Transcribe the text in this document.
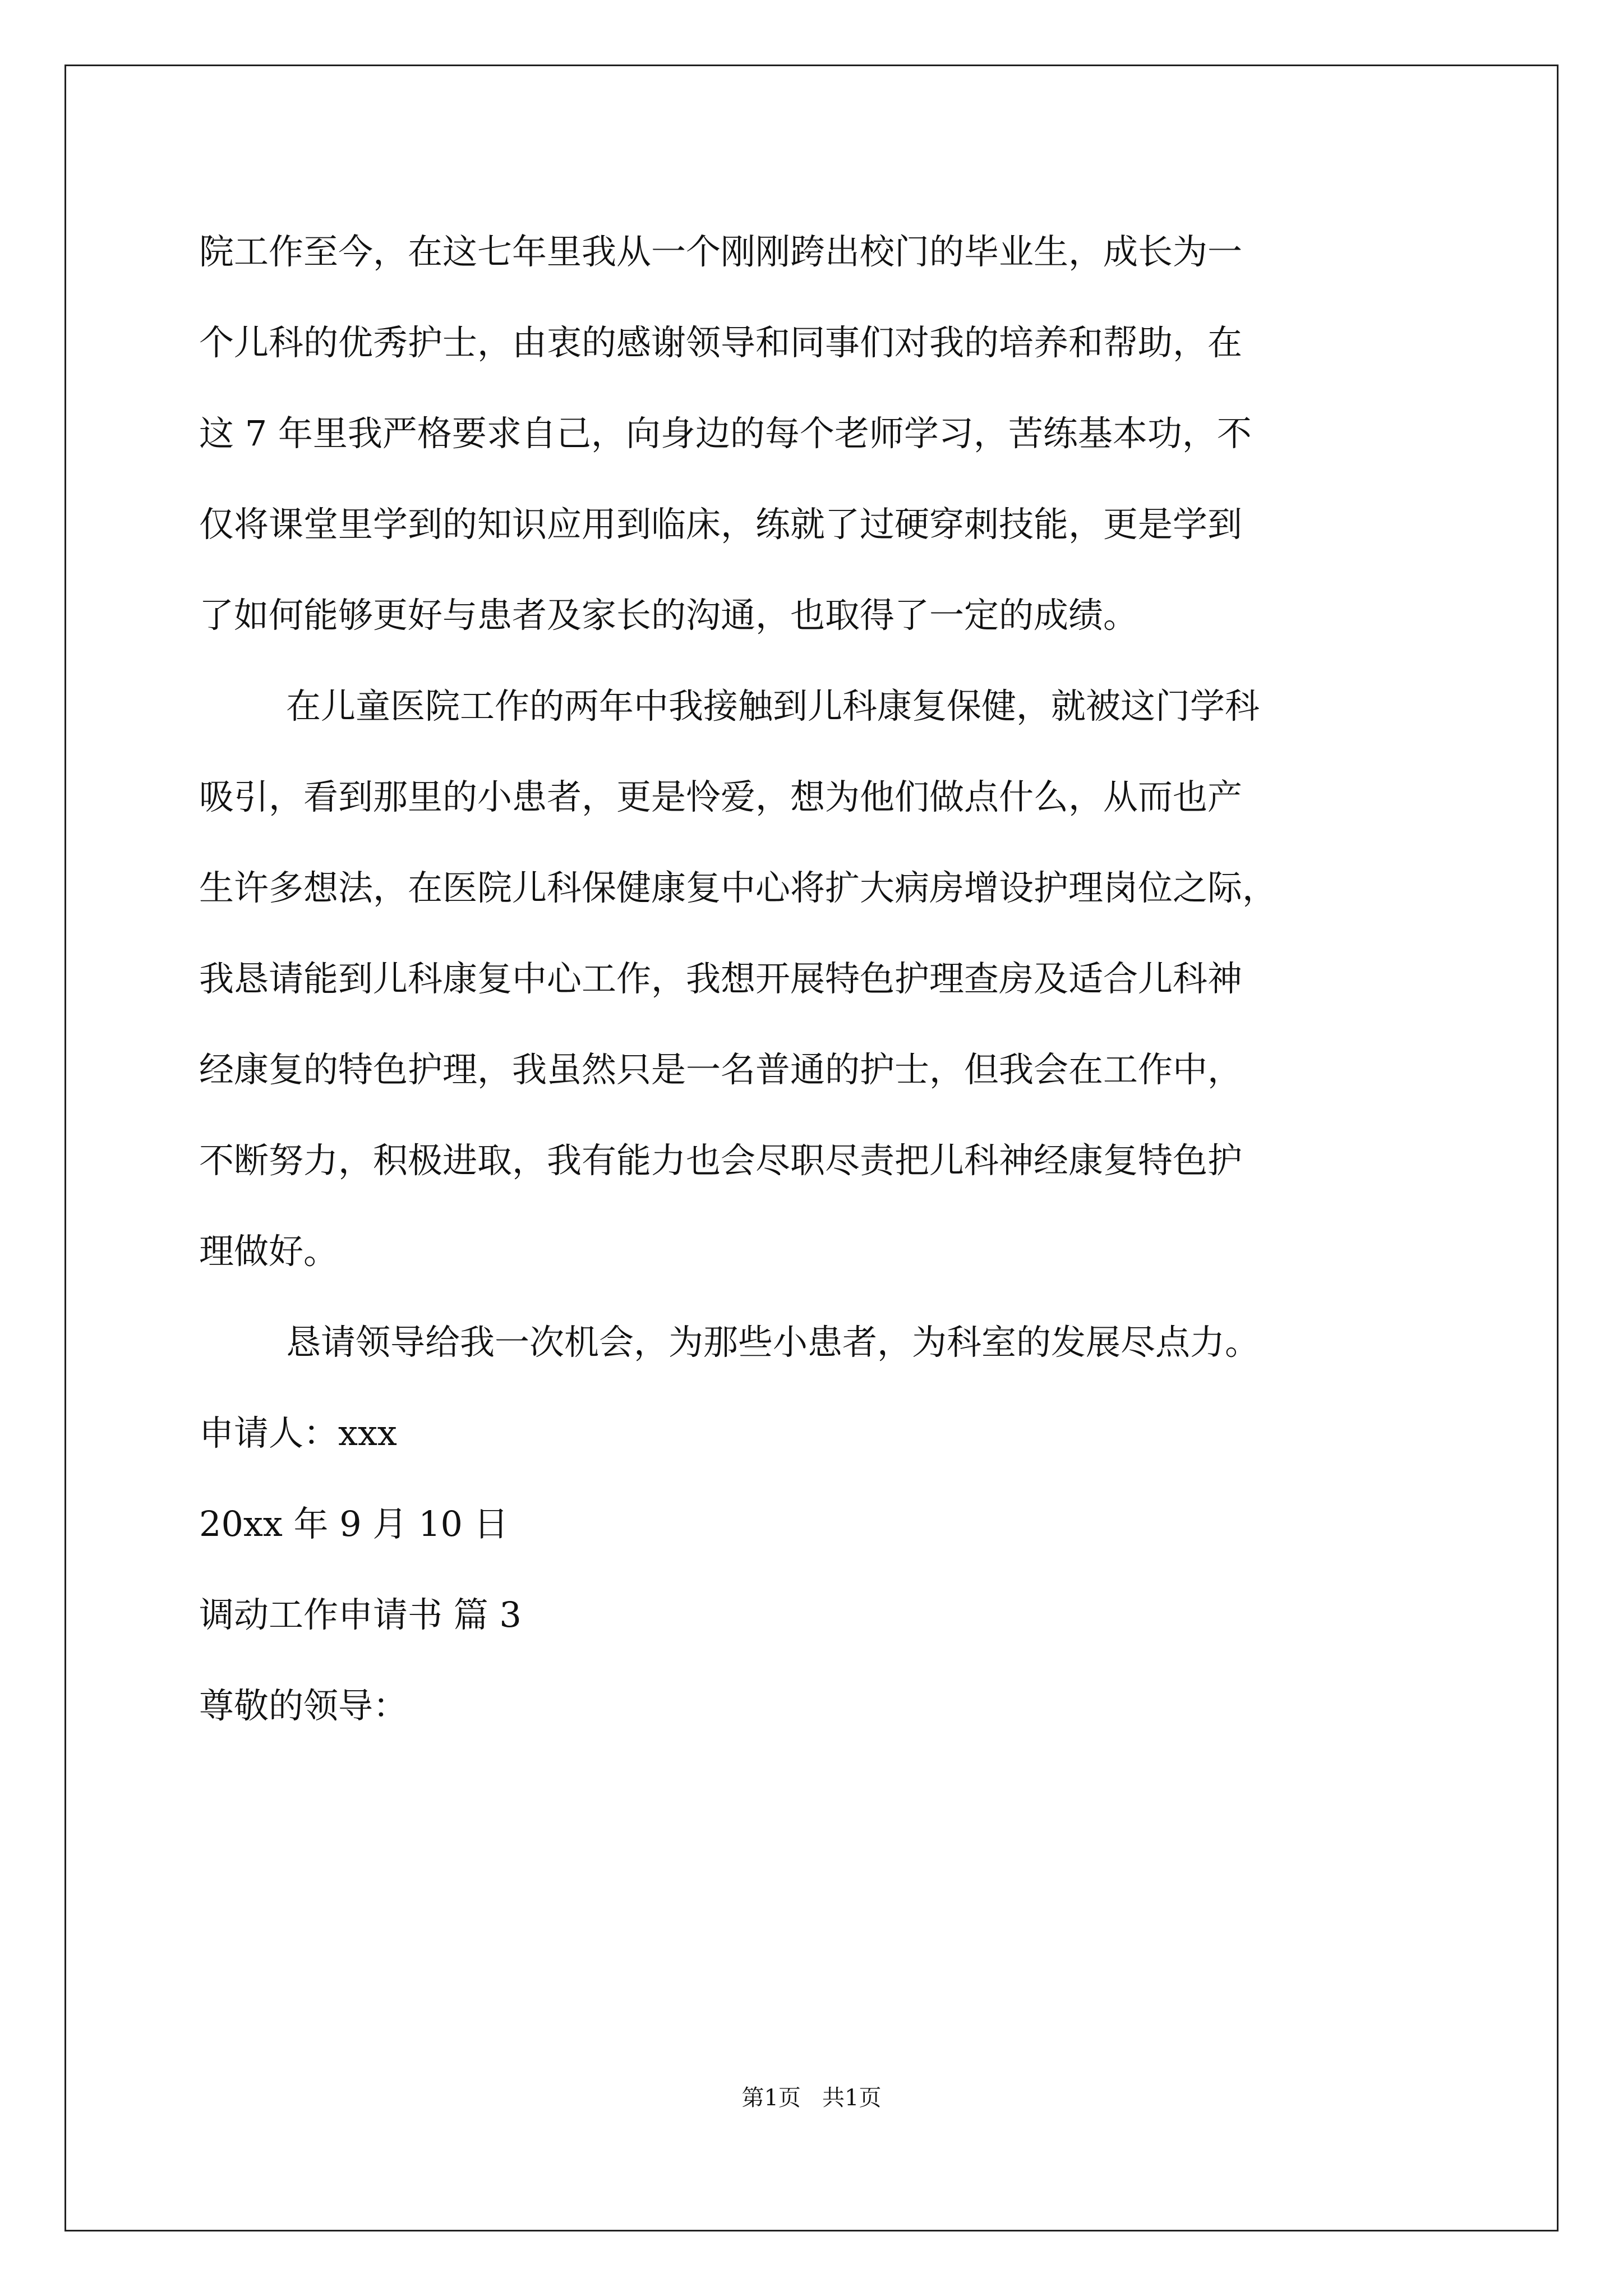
院工作至今，在这七年里我从一个刚刚跨出校门的毕业生，成长为一
个儿科的优秀护士，由衷的感谢领导和同事们对我的培养和帮助，在
这 7 年里我严格要求自己，向身边的每个老师学习，苦练基本功，不
仅将课堂里学到的知识应用到临床，练就了过硬穿刺技能，更是学到
了如何能够更好与患者及家长的沟通，也取得了一定的成绩。
在儿童医院工作的两年中我接触到儿科康复保健，就被这门学科
吸引，看到那里的小患者，更是怜爱，想为他们做点什么，从而也产
生许多想法，在医院儿科保健康复中心将扩大病房增设护理岗位之际，
我恳请能到儿科康复中心工作，我想开展特色护理查房及适合儿科神
经康复的特色护理，我虽然只是一名普通的护士，但我会在工作中，
不断努力，积极进取，我有能力也会尽职尽责把儿科神经康复特色护
理做好。
恳请领导给我一次机会，为那些小患者，为科室的发展尽点力。
申请人：xxx
20xx 年 9 月 10 日
调动工作申请书 篇 3
尊敬的领导：
第1页   共1页
